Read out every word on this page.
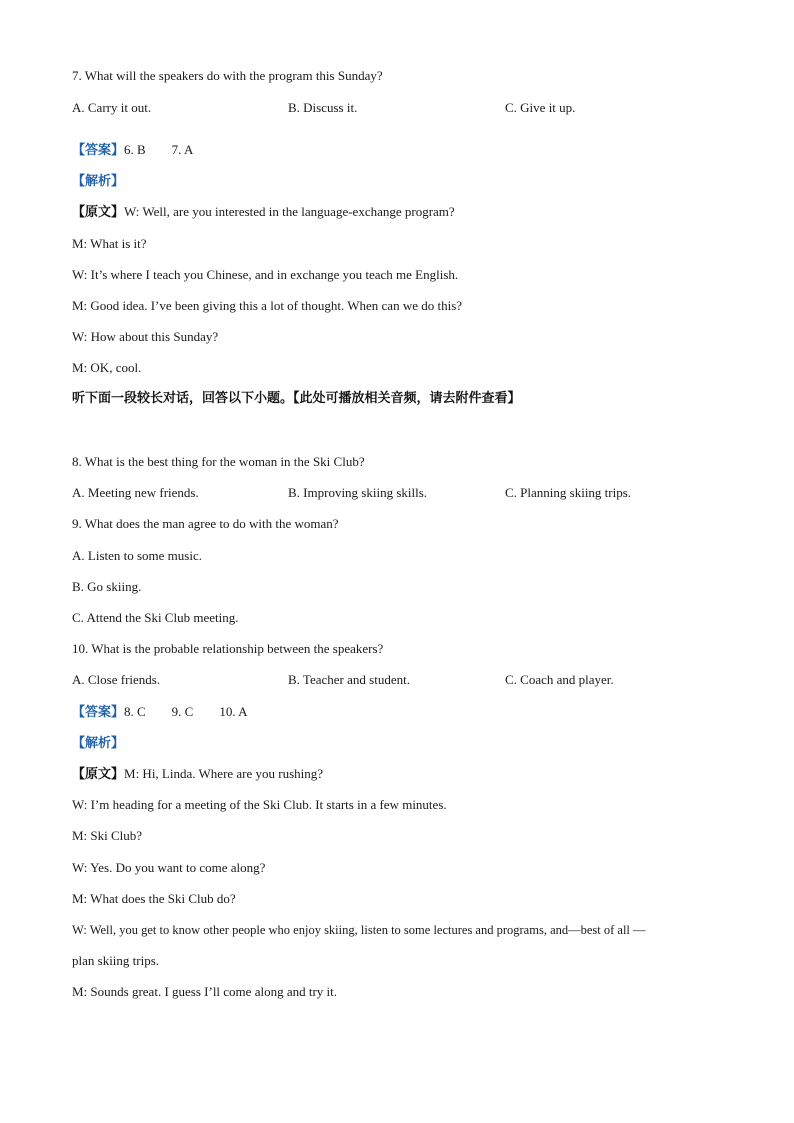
7. What will the speakers do with the program this Sunday?
A. Carry it out.	B. Discuss it.	C. Give it up.
【答案】6. B        7. A
【解析】
【原文】W: Well, are you interested in the language-exchange program?
M: What is it?
W: It’s where I teach you Chinese, and in exchange you teach me English.
M: Good idea. I’ve been giving this a lot of thought. When can we do this?
W: How about this Sunday?
M: OK, cool.
听下面一段较长对话，回答以下小题。【此处可播放相关音频，请去附件查看】
8. What is the best thing for the woman in the Ski Club?
A. Meeting new friends.	B. Improving skiing skills.	C. Planning skiing trips.
9. What does the man agree to do with the woman?
A. Listen to some music.
B. Go skiing.
C. Attend the Ski Club meeting.
10. What is the probable relationship between the speakers?
A. Close friends.	B. Teacher and student.	C. Coach and player.
【答案】8. C        9. C        10. A
【解析】
【原文】M: Hi, Linda. Where are you rushing?
W: I’m heading for a meeting of the Ski Club. It starts in a few minutes.
M: Ski Club?
W: Yes. Do you want to come along?
M: What does the Ski Club do?
W: Well, you get to know other people who enjoy skiing, listen to some lectures and programs, and—best of all —
plan skiing trips.
M: Sounds great. I guess I’ll come along and try it.
